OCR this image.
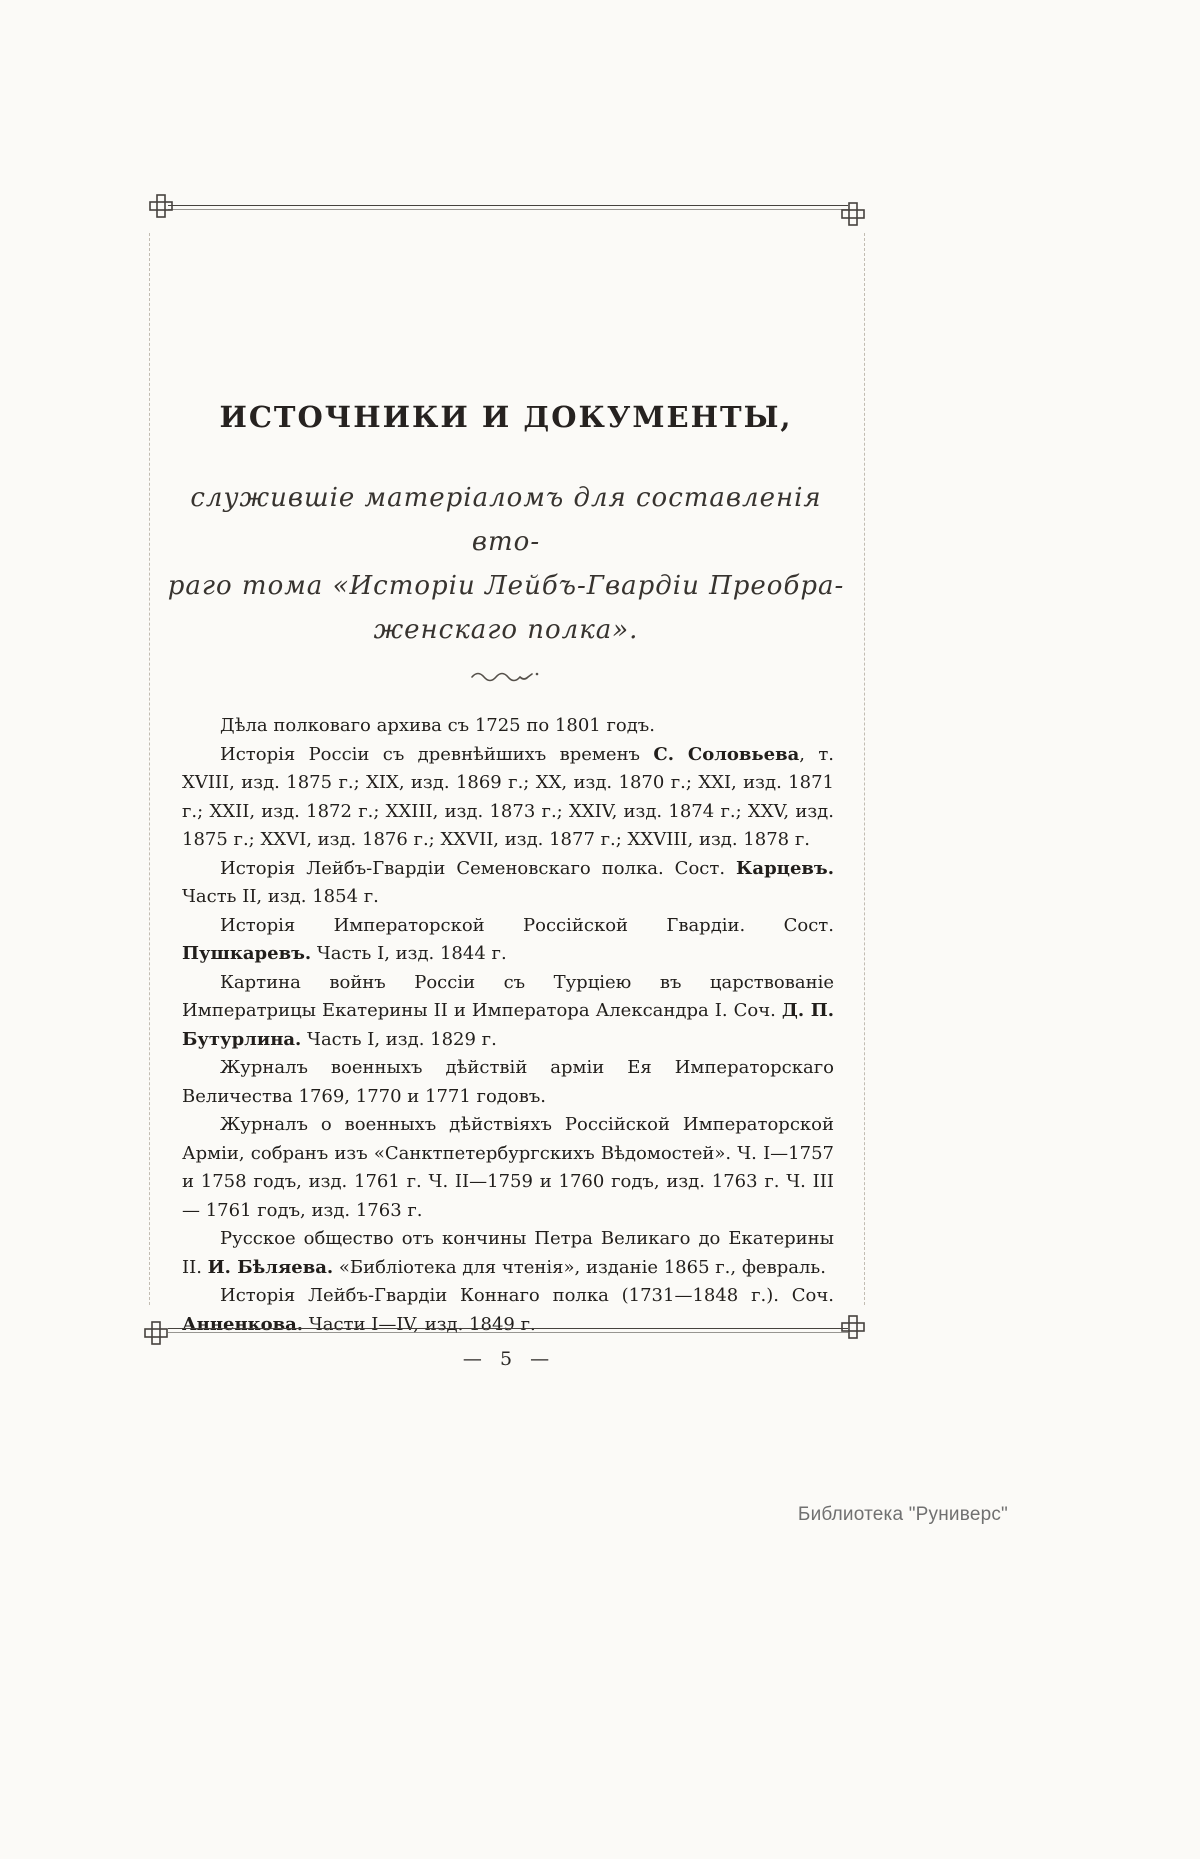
ИСТОЧНИКИ И ДОКУМЕНТЫ,
служившіе матеріаломъ для составленія вто-
раго тома «Исторіи Лейбъ-Гвардіи Преобра-
женскаго полка».

Дѣла полковаго архива съ 1725 по 1801 годъ.

Исторія Россіи съ древнѣйшихъ временъ С. Соловьева, т. XVIII, изд. 1875 г.; XIX, изд. 1869 г.; XX, изд. 1870 г.; XXI, изд. 1871 г.; XXII, изд. 1872 г.; XXIII, изд. 1873 г.; XXIV, изд. 1874 г.; XXV, изд. 1875 г.; XXVI, изд. 1876 г.; XXVII, изд. 1877 г.; XXVIII, изд. 1878 г.

Исторія Лейбъ-Гвардіи Семеновскаго полка. Сост. Карцевъ. Часть II, изд. 1854 г.

Исторія Императорской Россійской Гвардіи. Сост. Пушкаревъ. Часть I, изд. 1844 г.

Картина войнъ Россіи съ Турціею въ царствованіе Императрицы Екатерины II и Императора Александра I. Соч. Д. П. Бутурлина. Часть I, изд. 1829 г.

Журналъ военныхъ дѣйствій арміи Ея Императорскаго Величества 1769, 1770 и 1771 годовъ.

Журналъ о военныхъ дѣйствіяхъ Россійской Императорской Арміи, собранъ изъ «Санктпетербургскихъ Вѣдомостей». Ч. I—1757 и 1758 годъ, изд. 1761 г. Ч. II—1759 и 1760 годъ, изд. 1763 г. Ч. III — 1761 годъ, изд. 1763 г.

Русское общество отъ кончины Петра Великаго до Екатерины II. И. Бѣляева. «Библіотека для чтенія», изданіе 1865 г., февраль.

Исторія Лейбъ-Гвардіи Коннаго полка (1731—1848 г.). Соч. Анненкова. Части I—IV, изд. 1849 г.

— 5 —
Библиотека "Руниверс"
